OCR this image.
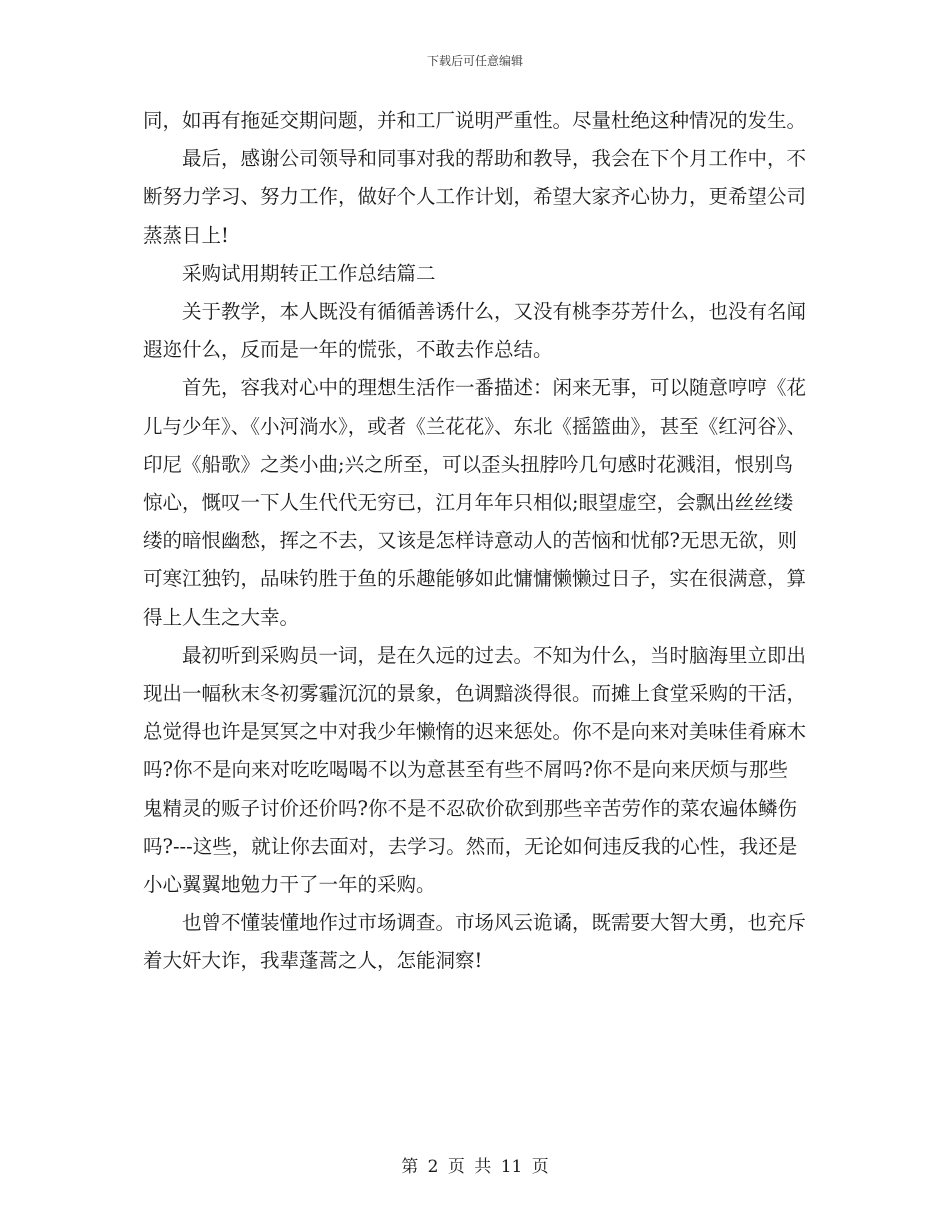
下载后可任意编辑

同，如再有拖延交期问题，并和工厂说明严重性。尽量杜绝这种情况的发生。

最后，感谢公司领导和同事对我的帮助和教导，我会在下个月工作中，不断努力学习、努力工作，做好个人工作计划，希望大家齐心协力，更希望公司蒸蒸日上!

采购试用期转正工作总结篇二

关于教学，本人既没有循循善诱什么，又没有桃李芬芳什么，也没有名闻遐迩什么，反而是一年的慌张，不敢去作总结。

首先，容我对心中的理想生活作一番描述：闲来无事，可以随意哼哼《花儿与少年》、《小河淌水》，或者《兰花花》、东北《摇篮曲》，甚至《红河谷》、印尼《船歌》之类小曲;兴之所至，可以歪头扭脖吟几句感时花溅泪，恨别鸟惊心，慨叹一下人生代代无穷已，江月年年只相似;眼望虚空，会飘出丝丝缕缕的暗恨幽愁，挥之不去，又该是怎样诗意动人的苦恼和忧郁?无思无欲，则可寒江独钓，品味钓胜于鱼的乐趣能够如此慵慵懒懒过日子，实在很满意，算得上人生之大幸。

最初听到采购员一词，是在久远的过去。不知为什么，当时脑海里立即出现出一幅秋末冬初雾霾沉沉的景象，色调黯淡得很。而摊上食堂采购的干活，总觉得也许是冥冥之中对我少年懒惰的迟来惩处。你不是向来对美味佳肴麻木吗?你不是向来对吃吃喝喝不以为意甚至有些不屑吗?你不是向来厌烦与那些鬼精灵的贩子讨价还价吗?你不是不忍砍价砍到那些辛苦劳作的菜农遍体鳞伤吗?---这些，就让你去面对，去学习。然而，无论如何违反我的心性，我还是小心翼翼地勉力干了一年的采购。

也曾不懂装懂地作过市场调查。市场风云诡谲，既需要大智大勇，也充斥着大奸大诈，我辈蓬蒿之人，怎能洞察!

第 2 页 共 11 页
